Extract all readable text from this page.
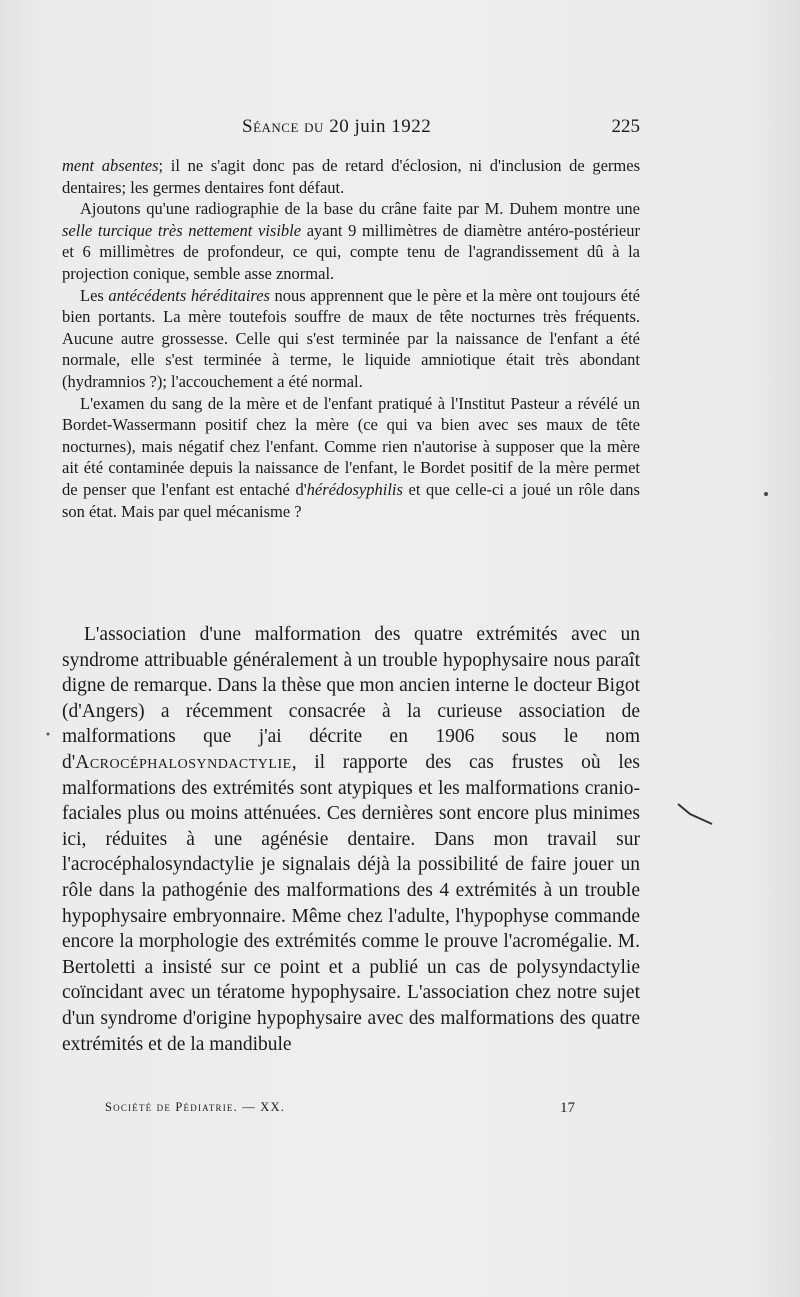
Séance du 20 juin 1922	225

ment absentes; il ne s'agit donc pas de retard d'éclosion, ni d'inclusion de germes dentaires; les germes dentaires font défaut.

Ajoutons qu'une radiographie de la base du crâne faite par M. Duhem montre une selle turcique très nettement visible ayant 9 millimètres de diamètre antéro-postérieur et 6 millimètres de profondeur, ce qui, compte tenu de l'agrandissement dû à la projection conique, semble asse znormal.

Les antécédents héréditaires nous apprennent que le père et la mère ont toujours été bien portants. La mère toutefois souffre de maux de tête nocturnes très fréquents. Aucune autre grossesse. Celle qui s'est terminée par la naissance de l'enfant a été normale, elle s'est terminée à terme, le liquide amniotique était très abondant (hydramnios ?); l'accouchement a été normal.

L'examen du sang de la mère et de l'enfant pratiqué à l'Institut Pasteur a révélé un Bordet-Wassermann positif chez la mère (ce qui va bien avec ses maux de tête nocturnes), mais négatif chez l'enfant. Comme rien n'autorise à supposer que la mère ait été contaminée depuis la naissance de l'enfant, le Bordet positif de la mère permet de penser que l'enfant est entaché d'hérédosyphilis et que celle-ci a joué un rôle dans son état. Mais par quel mécanisme ?

L'association d'une malformation des quatre extrémités avec un syndrome attribuable généralement à un trouble hypophysaire nous paraît digne de remarque. Dans la thèse que mon ancien interne le docteur Bigot (d'Angers) a récemment consacrée à la curieuse association de malformations que j'ai décrite en 1906 sous le nom d'Acrocéphalosyndactylie, il rapporte des cas frustes où les malformations des extrémités sont atypiques et les malformations cranio-faciales plus ou moins atténuées. Ces dernières sont encore plus minimes ici, réduites à une agénésie dentaire. Dans mon travail sur l'acrocéphalosyndactylie je signalais déjà la possibilité de faire jouer un rôle dans la pathogénie des malformations des 4 extrémités à un trouble hypophysaire embryonnaire. Même chez l'adulte, l'hypophyse commande encore la morphologie des extrémités comme le prouve l'acromégalie. M. Bertoletti a insisté sur ce point et a publié un cas de polysyndactylie coïncidant avec un tératome hypophysaire. L'association chez notre sujet d'un syndrome d'origine hypophysaire avec des malformations des quatre extrémités et de la mandibule

Société de Pédiatrie. — XX.	17
